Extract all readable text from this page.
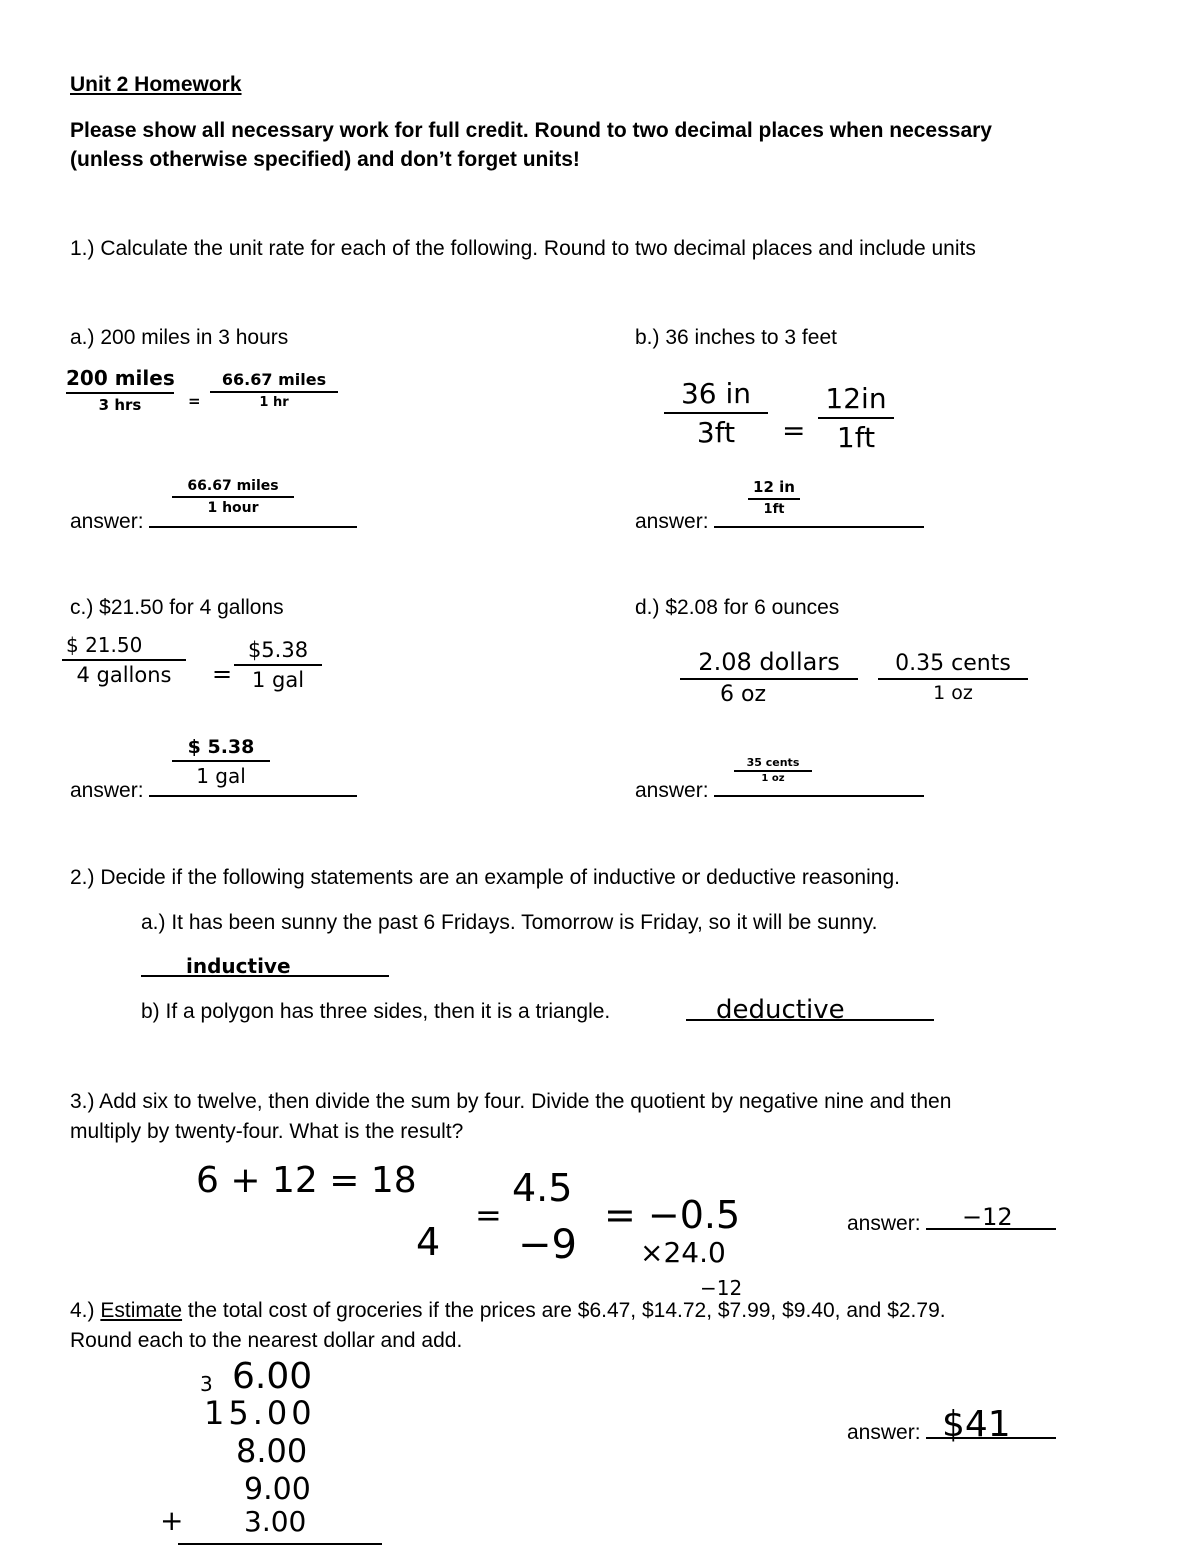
Unit 2 Homework
Please show all necessary work for full credit. Round to two decimal places when necessary
(unless otherwise specified) and don’t forget units!
1.) Calculate the unit rate for each of the following. Round to two decimal places and include units
a.) 200 miles in 3 hours
200 miles
3 hrs	=
66.67 miles
1 hr
answer:
66.67 miles
1 hour
b.) 36 inches to 3 feet
36 in
3ft	=
12in
1ft
answer:
12 in
1ft
c.) $21.50 for 4 gallons
$ 21.50
4 gallons	=
$5.38
1 gal
answer:
$ 5.38
1 gal
d.) $2.08 for 6 ounces
2.08 dollars
6 oz
0.35 cents
1 oz
answer:
35 cents
1 oz
2.) Decide if the following statements are an example of inductive or deductive reasoning.
a.) It has been sunny the past 6 Fridays. Tomorrow is Friday, so it will be sunny.
inductive
b) If a polygon has three sides, then it is a triangle.	deductive
3.) Add six to twelve, then divide the sum by four. Divide the quotient by negative nine and then
multiply by twenty-four. What is the result?
6 + 12 = 18
4
=
4.5
−9
= −0.5
×24.0
−12
answer:	−12
4.) Estimate the total cost of groceries if the prices are $6.47, $14.72, $7.99, $9.40, and $2.79.
Round each to the nearest dollar and add.
3 6.00
15.00
8.00
9.00
+ 3.00
answer: $41
